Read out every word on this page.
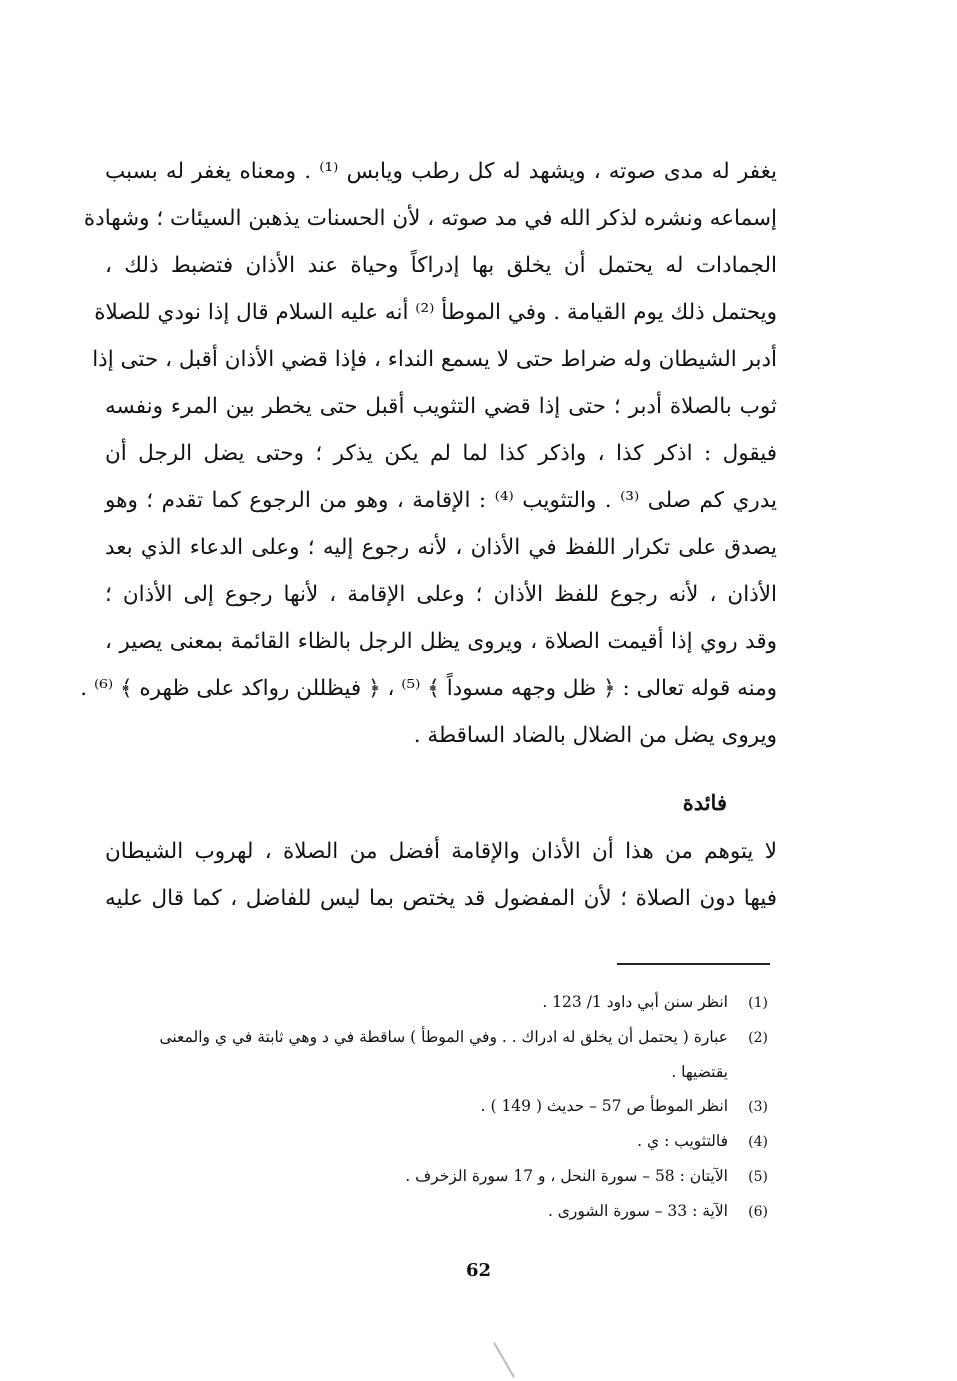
يغفر له مدى صوته ، ويشهد له كل رطب ويابس ⁽¹⁾ . ومعناه يغفر له بسبب
إسماعه ونشره لذكر الله في مد صوته ، لأن الحسنات يذهبن السيئات ؛ وشهادة
الجمادات له يحتمل أن يخلق بها إدراكاً وحياة عند الأذان فتضبط ذلك ،
ويحتمل ذلك يوم القيامة . وفي الموطأ ⁽²⁾ أنه عليه السلام قال إذا نودي للصلاة
أدبر الشيطان وله ضراط حتى لا يسمع النداء ، فإذا قضي الأذان أقبل ، حتى إذا
ثوب بالصلاة أدبر ؛ حتى إذا قضي التثويب أقبل حتى يخطر بين المرء ونفسه
فيقول : اذكر كذا ، واذكر كذا لما لم يكن يذكر ؛ وحتى يضل الرجل أن
يدري كم صلى ⁽³⁾ . والتثويب ⁽⁴⁾ : الإقامة ، وهو من الرجوع كما تقدم ؛ وهو
يصدق على تكرار اللفظ في الأذان ، لأنه رجوع إليه ؛ وعلى الدعاء الذي بعد
الأذان ، لأنه رجوع للفظ الأذان ؛ وعلى الإقامة ، لأنها رجوع إلى الأذان ؛
وقد روي إذا أقيمت الصلاة ، ويروى يظل الرجل بالظاء القائمة بمعنى يصير ،
ومنه قوله تعالى : ﴿ ظل وجهه مسوداً ﴾ ⁽⁵⁾ ، ﴿ فيظللن رواكد على ظهره ﴾ ⁽⁶⁾ .
ويروى يضل من الضلال بالضاد الساقطة .
فائدة
لا يتوهم من هذا أن الأذان والإقامة أفضل من الصلاة ، لهروب الشيطان
فيها دون الصلاة ؛ لأن المفضول قد يختص بما ليس للفاضل ، كما قال عليه
(1)
انظر سنن أبي داود 1/ 123 .
(2)
عبارة ( يحتمل أن يخلق له ادراك . . وفي الموطأ ) ساقطة في د وهي ثابتة في ي والمعنى
يقتضيها .
(3)
انظر الموطأ ص 57 – حديث ( 149 ) .
(4)
فالتثويب : ي .
(5)
الآيتان : 58 – سورة النحل ، و 17 سورة الزخرف .
(6)
الآية : 33 – سورة الشورى .
62
